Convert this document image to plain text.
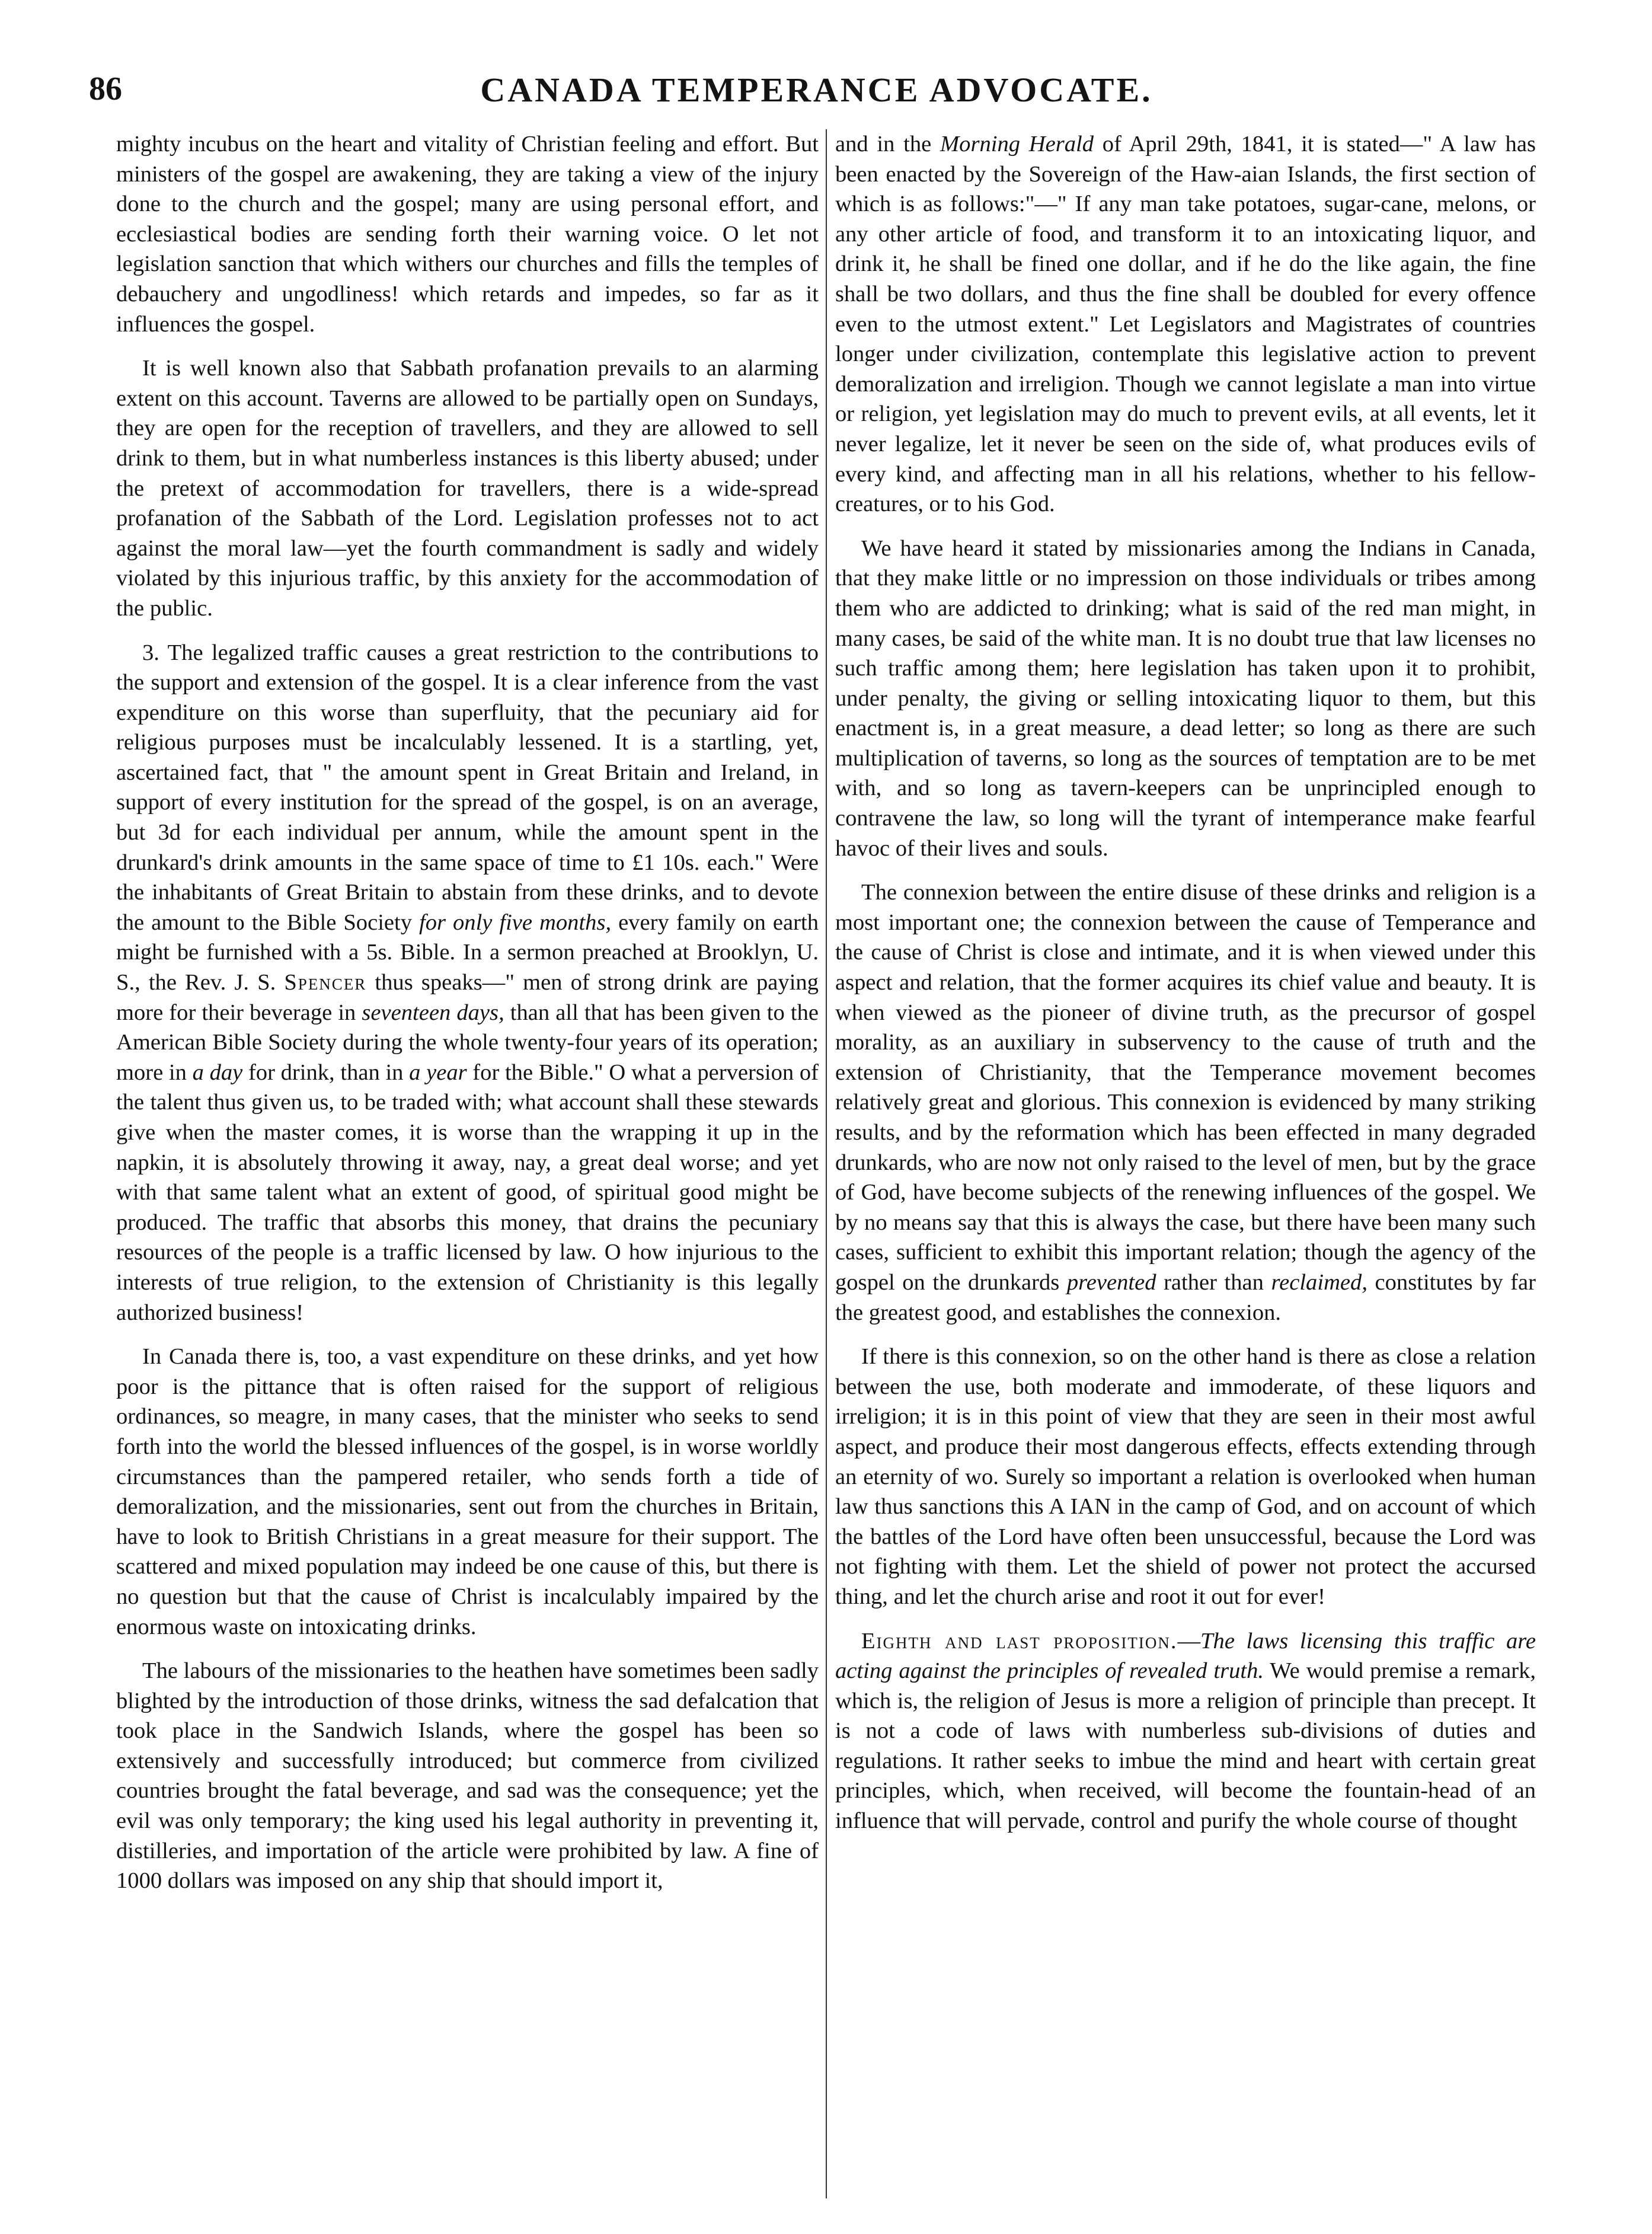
86	CANADA TEMPERANCE ADVOCATE.

mighty incubus on the heart and vitality of Christian feeling and effort. But ministers of the gospel are awakening, they are taking a view of the injury done to the church and the gospel; many are using personal effort, and ecclesiastical bodies are sending forth their warning voice. O let not legislation sanction that which withers our churches and fills the temples of debauchery and ungodliness! which retards and impedes, so far as it influences the gospel.

It is well known also that Sabbath profanation prevails to an alarming extent on this account. Taverns are allowed to be partially open on Sundays, they are open for the reception of travellers, and they are allowed to sell drink to them, but in what numberless instances is this liberty abused; under the pretext of accommodation for travellers, there is a wide-spread profanation of the Sabbath of the Lord. Legislation professes not to act against the moral law—yet the fourth commandment is sadly and widely violated by this injurious traffic, by this anxiety for the accommodation of the public.

3. The legalized traffic causes a great restriction to the contributions to the support and extension of the gospel. It is a clear inference from the vast expenditure on this worse than superfluity, that the pecuniary aid for religious purposes must be incalculably lessened. It is a startling, yet, ascertained fact, that " the amount spent in Great Britain and Ireland, in support of every institution for the spread of the gospel, is on an average, but 3d for each individual per annum, while the amount spent in the drunkard's drink amounts in the same space of time to £1 10s. each." Were the inhabitants of Great Britain to abstain from these drinks, and to devote the amount to the Bible Society for only five months, every family on earth might be furnished with a 5s. Bible. In a sermon preached at Brooklyn, U. S., the Rev. J. S. Spencer thus speaks—" men of strong drink are paying more for their beverage in seventeen days, than all that has been given to the American Bible Society during the whole twenty-four years of its operation; more in a day for drink, than in a year for the Bible." O what a perversion of the talent thus given us, to be traded with; what account shall these stewards give when the master comes, it is worse than the wrapping it up in the napkin, it is absolutely throwing it away, nay, a great deal worse; and yet with that same talent what an extent of good, of spiritual good might be produced. The traffic that absorbs this money, that drains the pecuniary resources of the people is a traffic licensed by law. O how injurious to the interests of true religion, to the extension of Christianity is this legally authorized business!

In Canada there is, too, a vast expenditure on these drinks, and yet how poor is the pittance that is often raised for the support of religious ordinances, so meagre, in many cases, that the minister who seeks to send forth into the world the blessed influences of the gospel, is in worse worldly circumstances than the pampered retailer, who sends forth a tide of demoralization, and the missionaries, sent out from the churches in Britain, have to look to British Christians in a great measure for their support. The scattered and mixed population may indeed be one cause of this, but there is no question but that the cause of Christ is incalculably impaired by the enormous waste on intoxicating drinks.

The labours of the missionaries to the heathen have sometimes been sadly blighted by the introduction of those drinks, witness the sad defalcation that took place in the Sandwich Islands, where the gospel has been so extensively and successfully introduced; but commerce from civilized countries brought the fatal beverage, and sad was the consequence; yet the evil was only temporary; the king used his legal authority in preventing it, distilleries, and importation of the article were prohibited by law. A fine of 1000 dollars was imposed on any ship that should import it,

and in the Morning Herald of April 29th, 1841, it is stated—" A law has been enacted by the Sovereign of the Haw-aian Islands, the first section of which is as follows:"—" If any man take potatoes, sugar-cane, melons, or any other article of food, and transform it to an intoxicating liquor, and drink it, he shall be fined one dollar, and if he do the like again, the fine shall be two dollars, and thus the fine shall be doubled for every offence even to the utmost extent." Let Legislators and Magistrates of countries longer under civilization, contemplate this legislative action to prevent demoralization and irreligion. Though we cannot legislate a man into virtue or religion, yet legislation may do much to prevent evils, at all events, let it never legalize, let it never be seen on the side of, what produces evils of every kind, and affecting man in all his relations, whether to his fellow-creatures, or to his God.

We have heard it stated by missionaries among the Indians in Canada, that they make little or no impression on those individuals or tribes among them who are addicted to drinking; what is said of the red man might, in many cases, be said of the white man. It is no doubt true that law licenses no such traffic among them; here legislation has taken upon it to prohibit, under penalty, the giving or selling intoxicating liquor to them, but this enactment is, in a great measure, a dead letter; so long as there are such multiplication of taverns, so long as the sources of temptation are to be met with, and so long as tavern-keepers can be unprincipled enough to contravene the law, so long will the tyrant of intemperance make fearful havoc of their lives and souls.

The connexion between the entire disuse of these drinks and religion is a most important one; the connexion between the cause of Temperance and the cause of Christ is close and intimate, and it is when viewed under this aspect and relation, that the former acquires its chief value and beauty. It is when viewed as the pioneer of divine truth, as the precursor of gospel morality, as an auxiliary in subservency to the cause of truth and the extension of Christianity, that the Temperance movement becomes relatively great and glorious. This connexion is evidenced by many striking results, and by the reformation which has been effected in many degraded drunkards, who are now not only raised to the level of men, but by the grace of God, have become subjects of the renewing influences of the gospel. We by no means say that this is always the case, but there have been many such cases, sufficient to exhibit this important relation; though the agency of the gospel on the drunkards prevented rather than reclaimed, constitutes by far the greatest good, and establishes the connexion.

If there is this connexion, so on the other hand is there as close a relation between the use, both moderate and immoderate, of these liquors and irreligion; it is in this point of view that they are seen in their most awful aspect, and produce their most dangerous effects, effects extending through an eternity of wo. Surely so important a relation is overlooked when human law thus sanctions this A IAN in the camp of God, and on account of which the battles of the Lord have often been unsuccessful, because the Lord was not fighting with them. Let the shield of power not protect the accursed thing, and let the church arise and root it out for ever!

Eighth and last proposition.—The laws licensing this traffic are acting against the principles of revealed truth. We would premise a remark, which is, the religion of Jesus is more a religion of principle than precept. It is not a code of laws with numberless sub-divisions of duties and regulations. It rather seeks to imbue the mind and heart with certain great principles, which, when received, will become the fountain-head of an influence that will pervade, control and purify the whole course of thought
